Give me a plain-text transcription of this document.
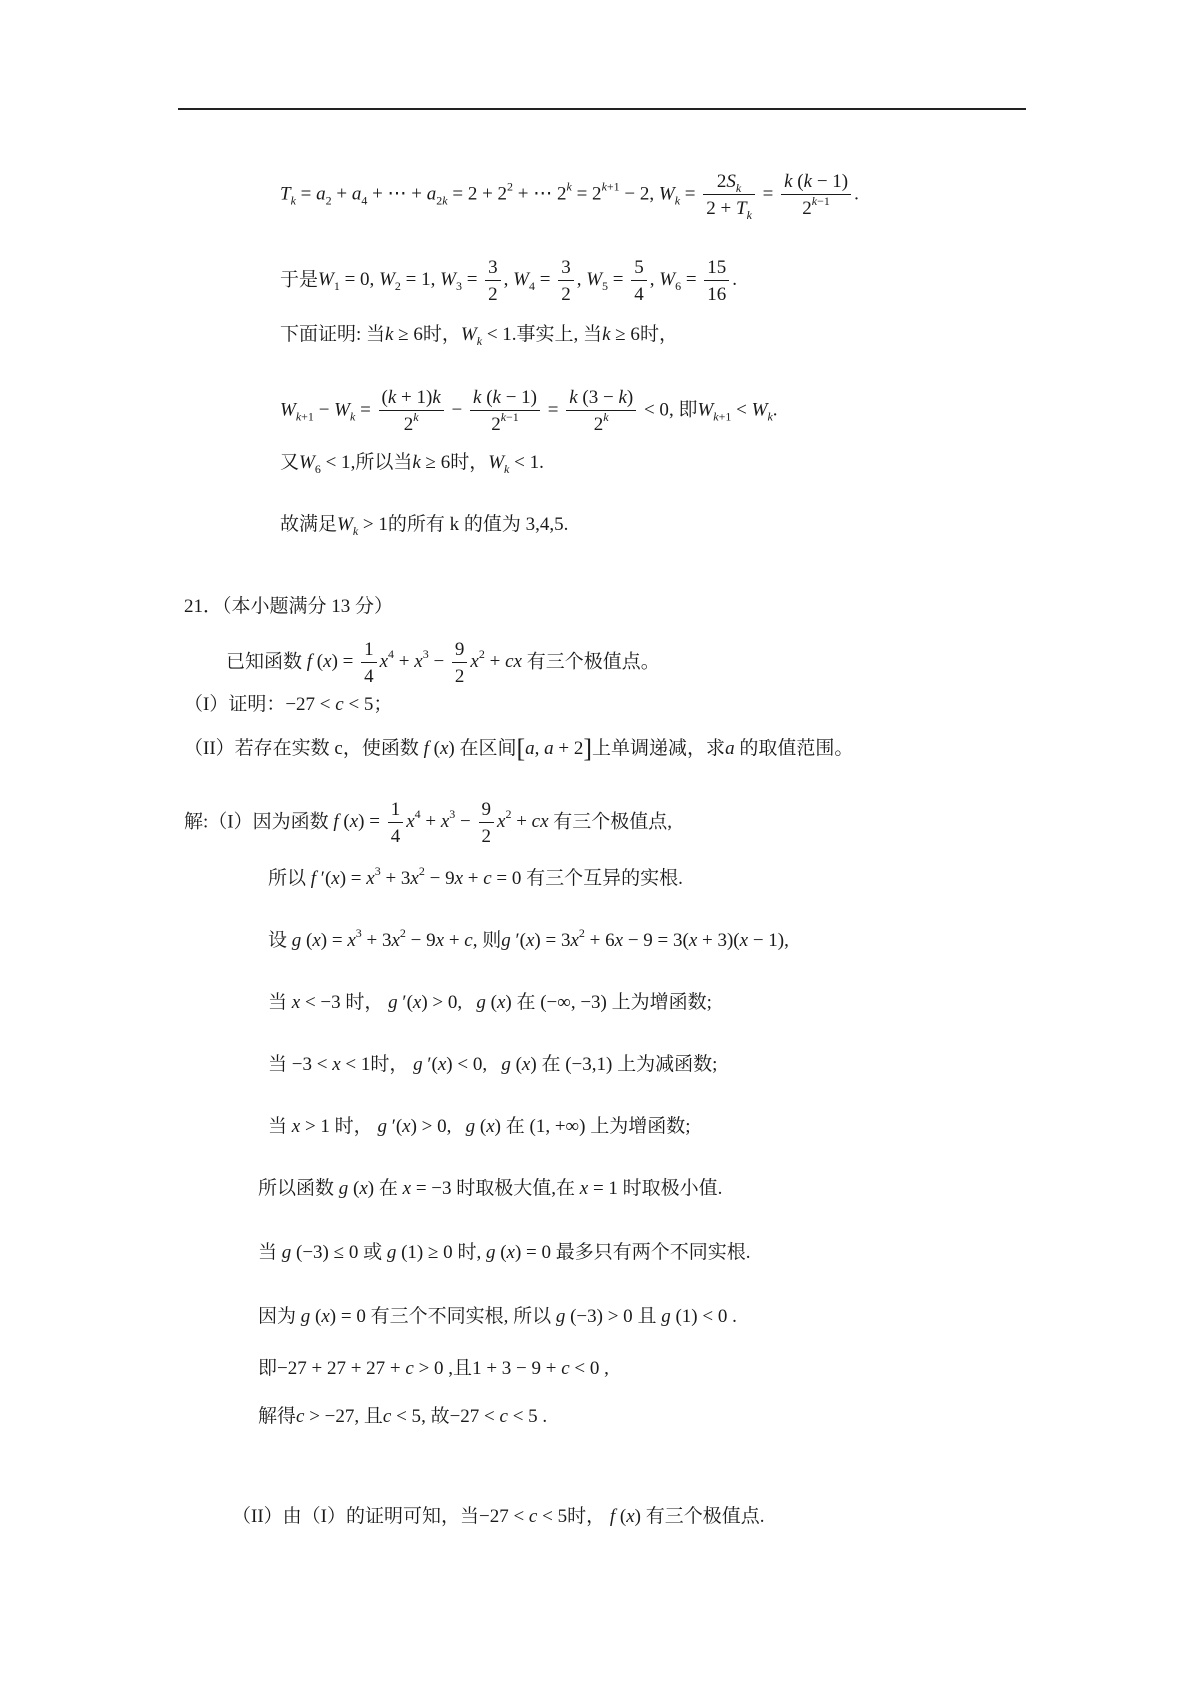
$T_k = a_2 + a_4$ + ⋯ + $a_{2k} = 2 + 2^2$ + ⋯ $2^k = 2^{k+1} - 2$, $W_k = \frac{2S_k}{2 + T_k} = \frac{k (k - 1)}{2^{k-1}}$ .
于是$W_1 = 0$, $W_2 = 1$, $W_3 = \frac{3}{2}$ , $W_4 = \frac{3}{2}$ , $W_5 = \frac{5}{4}$ , $W_6 = \frac{15}{16}$ .
下面证明: 当k ≥ 6时，$W_k < 1$.事实上, 当k ≥ 6时，
$W_{k+1} - W_k = \frac{(k + 1)k}{2^k} - \frac{k (k - 1)}{2^{k-1}} = \frac{k (3 - k)}{2^k} < 0$, 即$W_{k+1} < W_k$.
又$W_6 < 1$,所以当k ≥ 6时，$W_k < 1$.
故满足$W_k > 1$的所有 k 的值为 3,4,5.
21．（本小题满分 13 分）
已知函数 f $(x) = \frac{1}{4} x^4 + x^3 - \frac{9}{2} x^2$ + cx 有三个极值点。
（I）证明：−27 < c < 5；
（II）若存在实数 c，使函数 f (x) 在区间[a, a + 2]上单调递减，求a 的取值范围。
解:（I）因为函数 f $(x) = \frac{1}{4} x^4 + x^3 - \frac{9}{2} x^2$ + cx 有三个极值点,
所以 f $'(x) = x^3 + 3x^2 - 9x + c = 0$ 有三个互异的实根.
设 g $(x) = x^3 + 3x^2 - 9x + c$, 则g $'(x) = 3x^2 + 6x - 9 = 3(x + 3)(x - 1)$,
当 x < −3 时， g ′(x) > 0,   g (x) 在 (−∞, −3) 上为增函数;
当 −3 < x < 1时， g ′(x) < 0,   g (x) 在 (−3,1) 上为减函数;
当 x > 1 时， g ′(x) > 0,   g (x) 在 (1, +∞) 上为增函数;
所以函数 g (x) 在 x = −3 时取极大值,在 x = 1 时取极小值.
当 g (−3) ≤ 0 或 g (1) ≥ 0 时, g (x) = 0 最多只有两个不同实根.
因为 g (x) = 0 有三个不同实根, 所以 g (−3) > 0 且 g (1) < 0 .
即−27 + 27 + 27 + c > 0 ,且1 + 3 − 9 + c < 0 ,
解得c > −27, 且c < 5, 故−27 < c < 5 .
（II）由（I）的证明可知，当−27 < c < 5时， f (x) 有三个极值点.
